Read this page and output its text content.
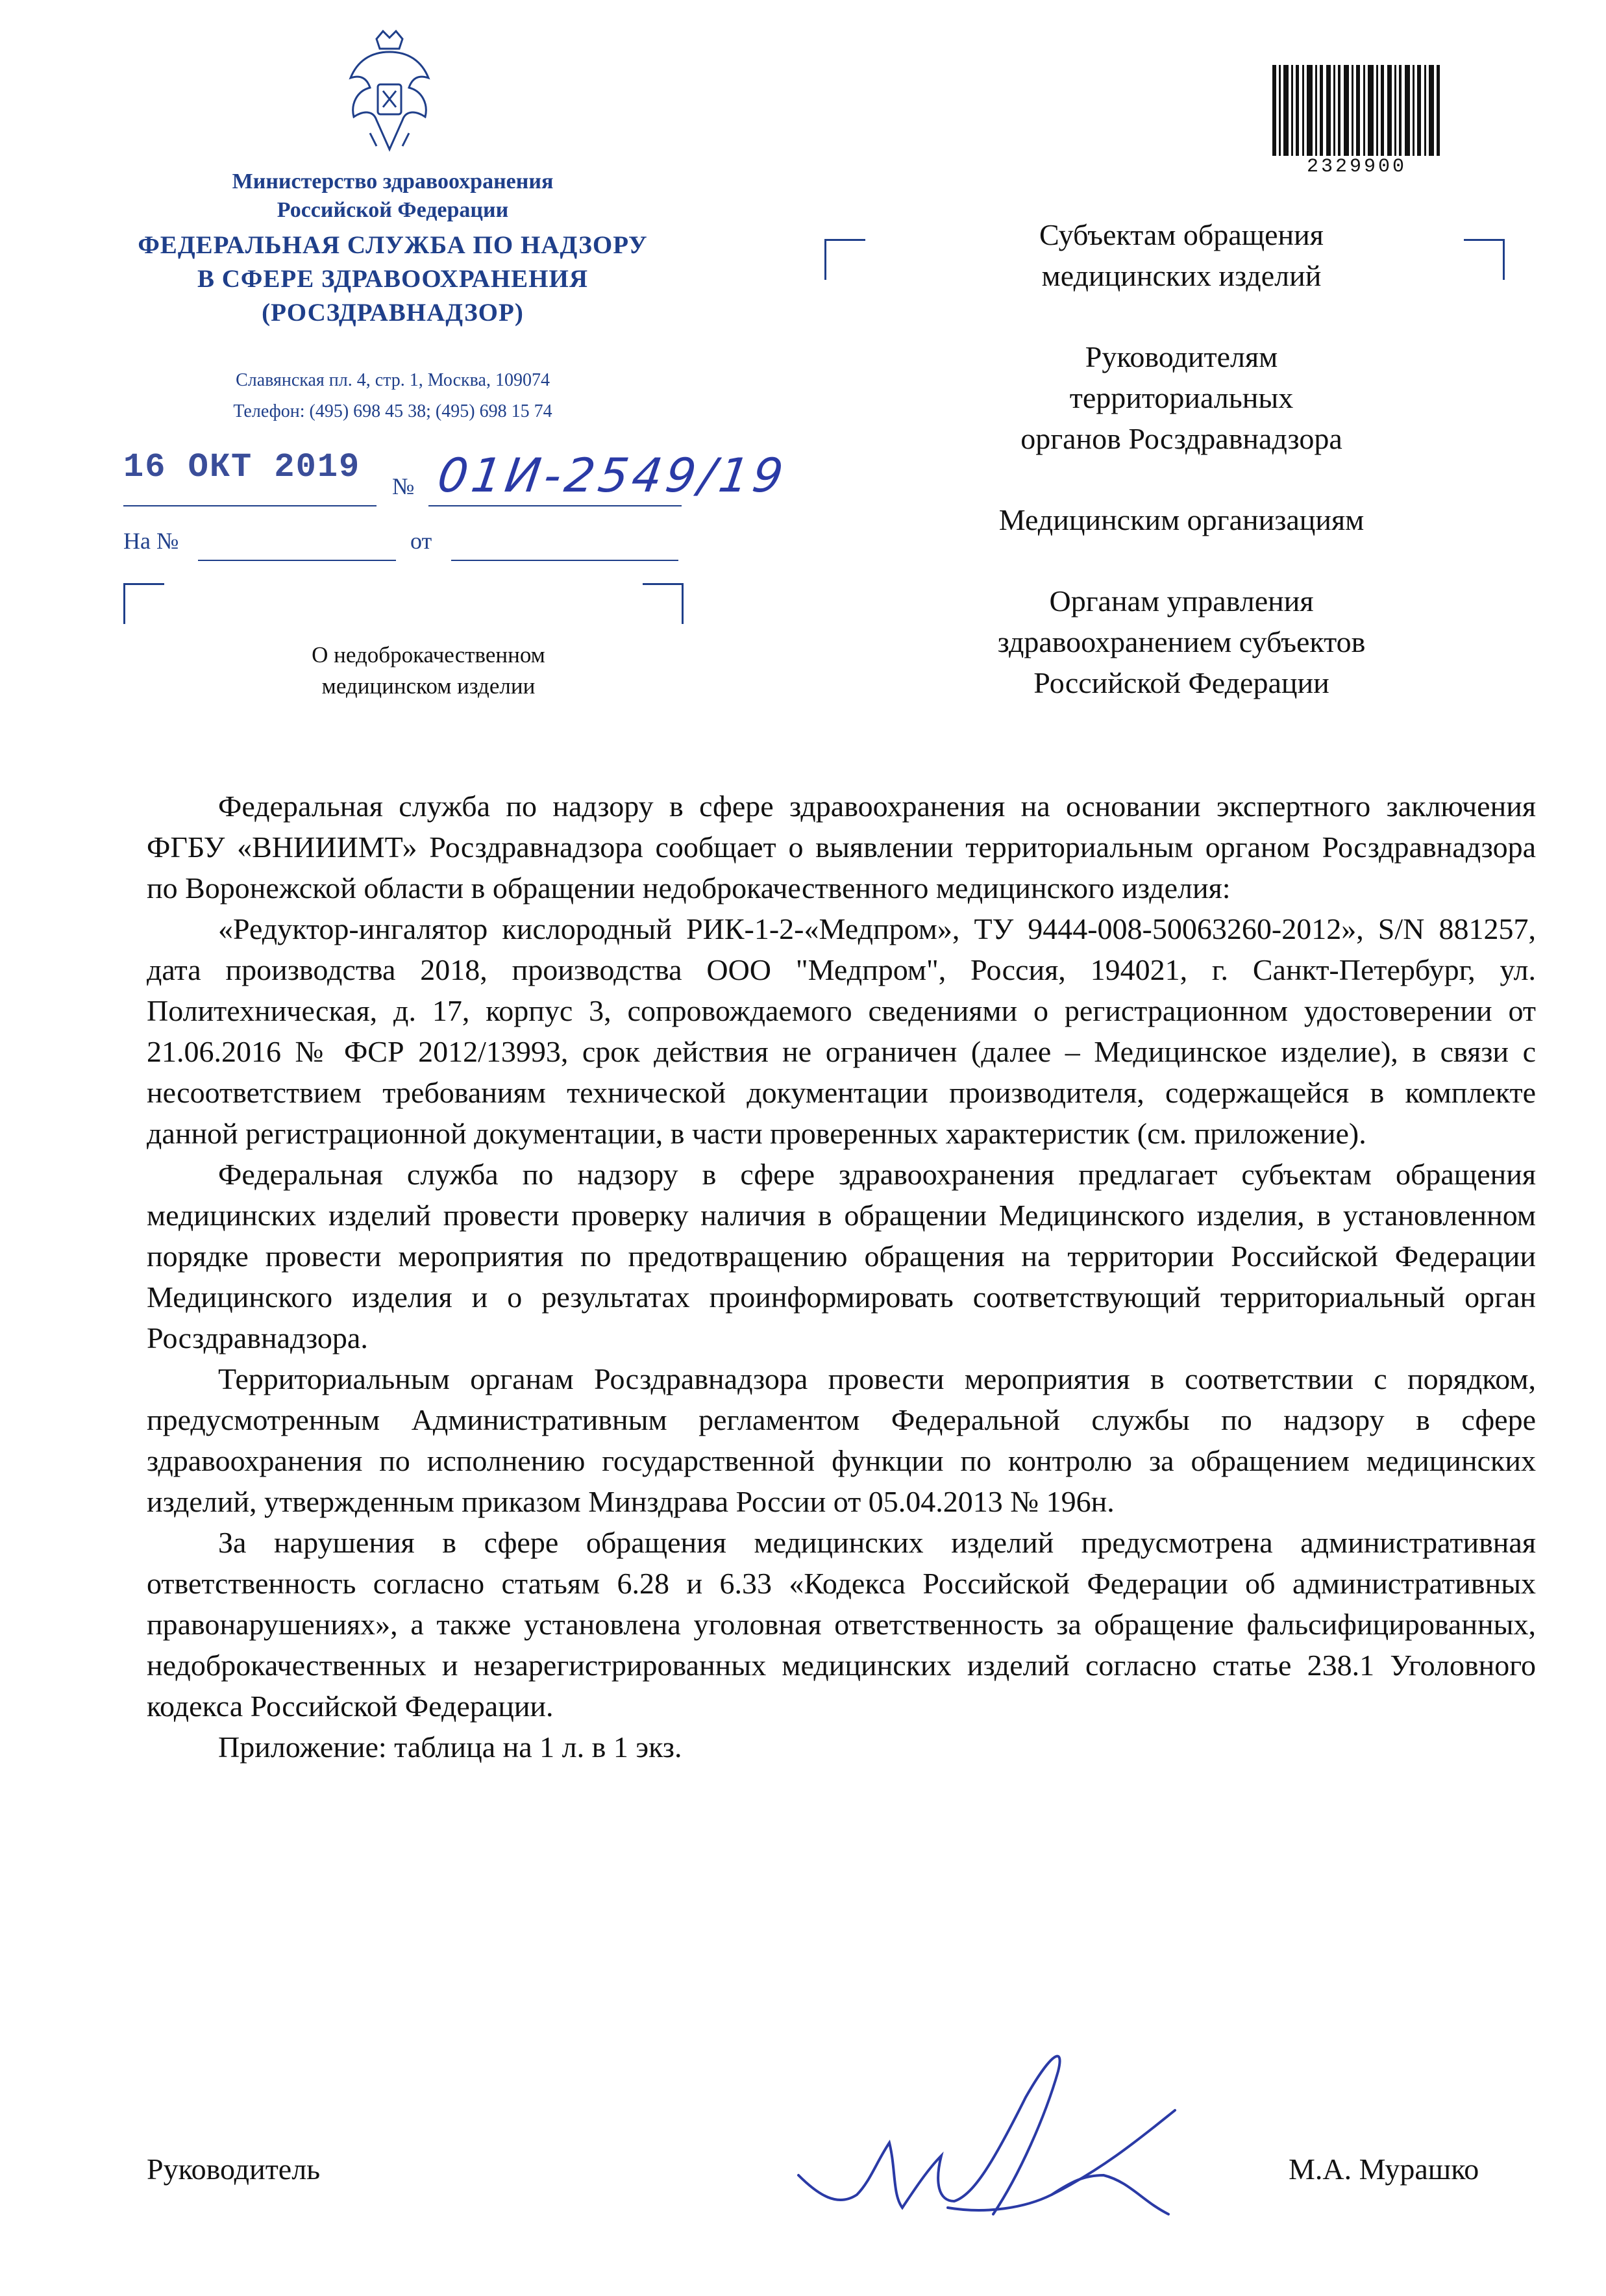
Министерство здравоохранения
Российской Федерации
ФЕДЕРАЛЬНАЯ СЛУЖБА ПО НАДЗОРУ
В СФЕРЕ ЗДРАВООХРАНЕНИЯ
(РОСЗДРАВНАДЗОР)
Славянская пл. 4, стр. 1, Москва, 109074
Телефон: (495) 698 45 38; (495) 698 15 74
16 ОКТ 2019 № 01И-2549/19
На №	от
О недоброкачественном
медицинском изделии
2329900
Субъектам обращения
медицинских изделий
Руководителям
территориальных
органов Росздравнадзора
Медицинским организациям
Органам управления
здравоохранением субъектов
Российской Федерации

Федеральная служба по надзору в сфере здравоохранения на основании экспертного заключения ФГБУ «ВНИИИМТ» Росздравнадзора сообщает о выявлении территориальным органом Росздравнадзора по Воронежской области в обращении недоброкачественного медицинского изделия:

«Редуктор-ингалятор кислородный РИК-1-2-«Медпром», ТУ 9444-008-50063260-2012», S/N 881257, дата производства 2018, производства ООО "Медпром", Россия, 194021, г. Санкт-Петербург, ул. Политехническая, д. 17, корпус 3, сопровождаемого сведениями о регистрационном удостоверении от 21.06.2016 № ФСР 2012/13993, срок действия не ограничен (далее – Медицинское изделие), в связи с несоответствием требованиям технической документации производителя, содержащейся в комплекте данной регистрационной документации, в части проверенных характеристик (см. приложение).

Федеральная служба по надзору в сфере здравоохранения предлагает субъектам обращения медицинских изделий провести проверку наличия в обращении Медицинского изделия, в установленном порядке провести мероприятия по предотвращению обращения на территории Российской Федерации Медицинского изделия и о результатах проинформировать соответствующий территориальный орган Росздравнадзора.

Территориальным органам Росздравнадзора провести мероприятия в соответствии с порядком, предусмотренным Административным регламентом Федеральной службы по надзору в сфере здравоохранения по исполнению государственной функции по контролю за обращением медицинских изделий, утвержденным приказом Минздрава России от 05.04.2013 № 196н.

За нарушения в сфере обращения медицинских изделий предусмотрена административная ответственность согласно статьям 6.28 и 6.33 «Кодекса Российской Федерации об административных правонарушениях», а также установлена уголовная ответственность за обращение фальсифицированных, недоброкачественных и незарегистрированных медицинских изделий согласно статье 238.1 Уголовного кодекса Российской Федерации.

Приложение: таблица на 1 л. в 1 экз.

Руководитель	М.А. Мурашко
